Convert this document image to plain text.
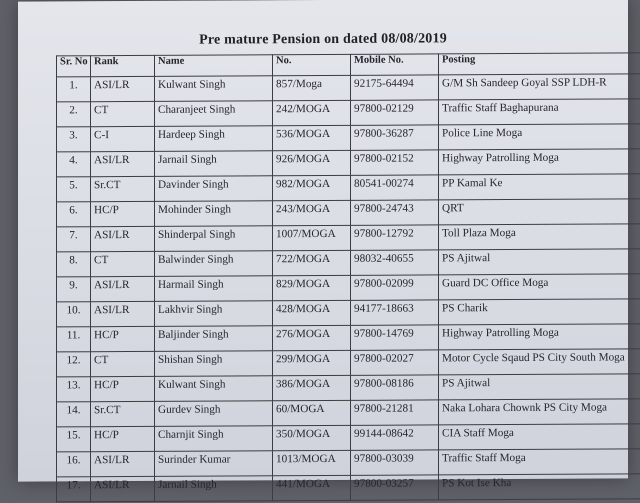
Pre mature Pension on dated 08/08/2019
Sr. No	Rank	Name	No.	Mobile No.	Posting
1.	ASI/LR	Kulwant Singh	857/Moga	92175-64494	G/M Sh Sandeep Goyal SSP LDH-R
2.	CT	Charanjeet Singh	242/MOGA	97800-02129	Traffic Staff Baghapurana
3.	C-I	Hardeep Singh	536/MOGA	97800-36287	Police Line Moga
4.	ASI/LR	Jarnail Singh	926/MOGA	97800-02152	Highway Patrolling Moga
5.	Sr.CT	Davinder Singh	982/MOGA	80541-00274	PP Kamal Ke
6.	HC/P	Mohinder Singh	243/MOGA	97800-24743	QRT
7.	ASI/LR	Shinderpal Singh	1007/MOGA	97800-12792	Toll Plaza Moga
8.	CT	Balwinder Singh	722/MOGA	98032-40655	PS Ajitwal
9.	ASI/LR	Harmail Singh	829/MOGA	97800-02099	Guard DC Office Moga
10.	ASI/LR	Lakhvir Singh	428/MOGA	94177-18663	PS Charik
11.	HC/P	Baljinder Singh	276/MOGA	97800-14769	Highway Patrolling Moga
12.	CT	Shishan Singh	299/MOGA	97800-02027	Motor Cycle Sqaud PS City South Moga
13.	HC/P	Kulwant Singh	386/MOGA	97800-08186	PS Ajitwal
14.	Sr.CT	Gurdev Singh	60/MOGA	97800-21281	Naka Lohara Chownk PS City Moga
15.	HC/P	Charnjit Singh	350/MOGA	99144-08642	CIA Staff Moga
16.	ASI/LR	Surinder Kumar	1013/MOGA	97800-03039	Traffic Staff Moga
17.	ASI/LR	Jarnail Singh	441/MOGA	97800-03257	PS Kot Ise Kha
